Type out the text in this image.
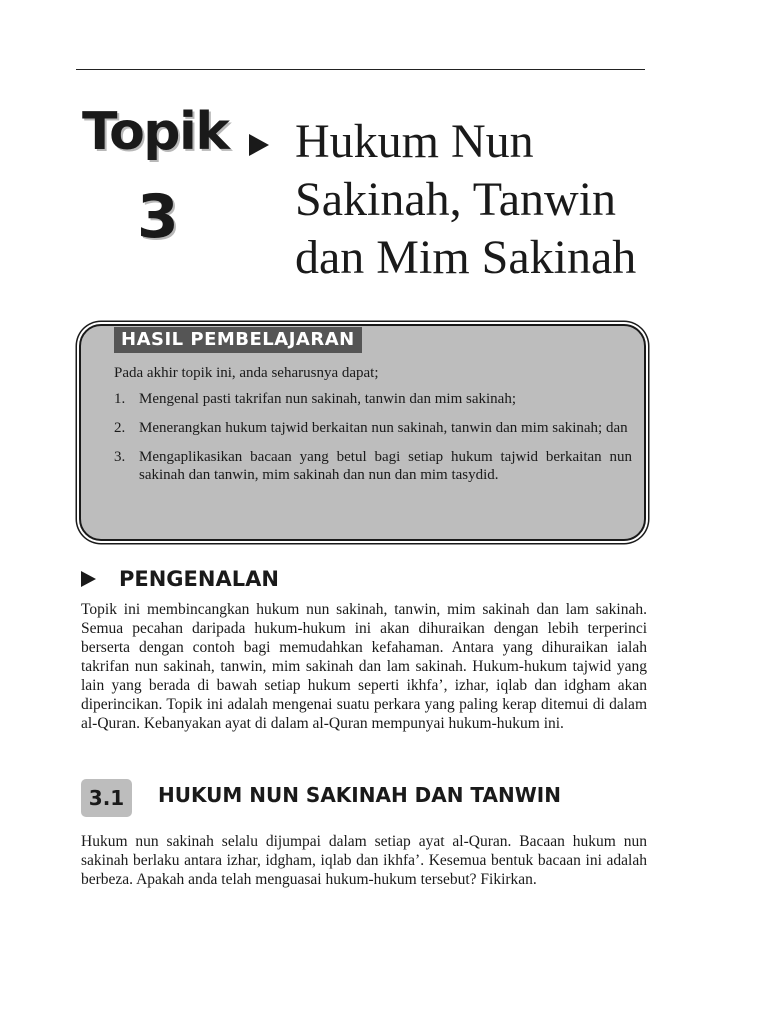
Topik
3
Hukum Nun
Sakinah, Tanwin
dan Mim Sakinah
HASIL PEMBELAJARAN

Pada akhir topik ini, anda seharusnya dapat;

1. Mengenal pasti takrifan nun sakinah, tanwin dan mim sakinah;
2. Menerangkan hukum tajwid berkaitan nun sakinah, tanwin dan mim sakinah; dan
3. Mengaplikasikan bacaan yang betul bagi setiap hukum tajwid berkaitan nun sakinah dan tanwin, mim sakinah dan nun dan mim tasydid.
PENGENALAN

Topik ini membincangkan hukum nun sakinah, tanwin, mim sakinah dan lam sakinah. Semua pecahan daripada hukum-hukum ini akan dihuraikan dengan lebih terperinci berserta dengan contoh bagi memudahkan kefahaman. Antara yang dihuraikan ialah takrifan nun sakinah, tanwin, mim sakinah dan lam sakinah. Hukum-hukum tajwid yang lain yang berada di bawah setiap hukum seperti ikhfa’, izhar, iqlab dan idgham akan diperincikan. Topik ini adalah mengenai suatu perkara yang paling kerap ditemui di dalam al-Quran. Kebanyakan ayat di dalam al-Quran mempunyai hukum-hukum ini.

3.1	HUKUM NUN SAKINAH DAN TANWIN

Hukum nun sakinah selalu dijumpai dalam setiap ayat al-Quran. Bacaan hukum nun sakinah berlaku antara izhar, idgham, iqlab dan ikhfa’. Kesemua bentuk bacaan ini adalah berbeza. Apakah anda telah menguasai hukum-hukum tersebut? Fikirkan.
